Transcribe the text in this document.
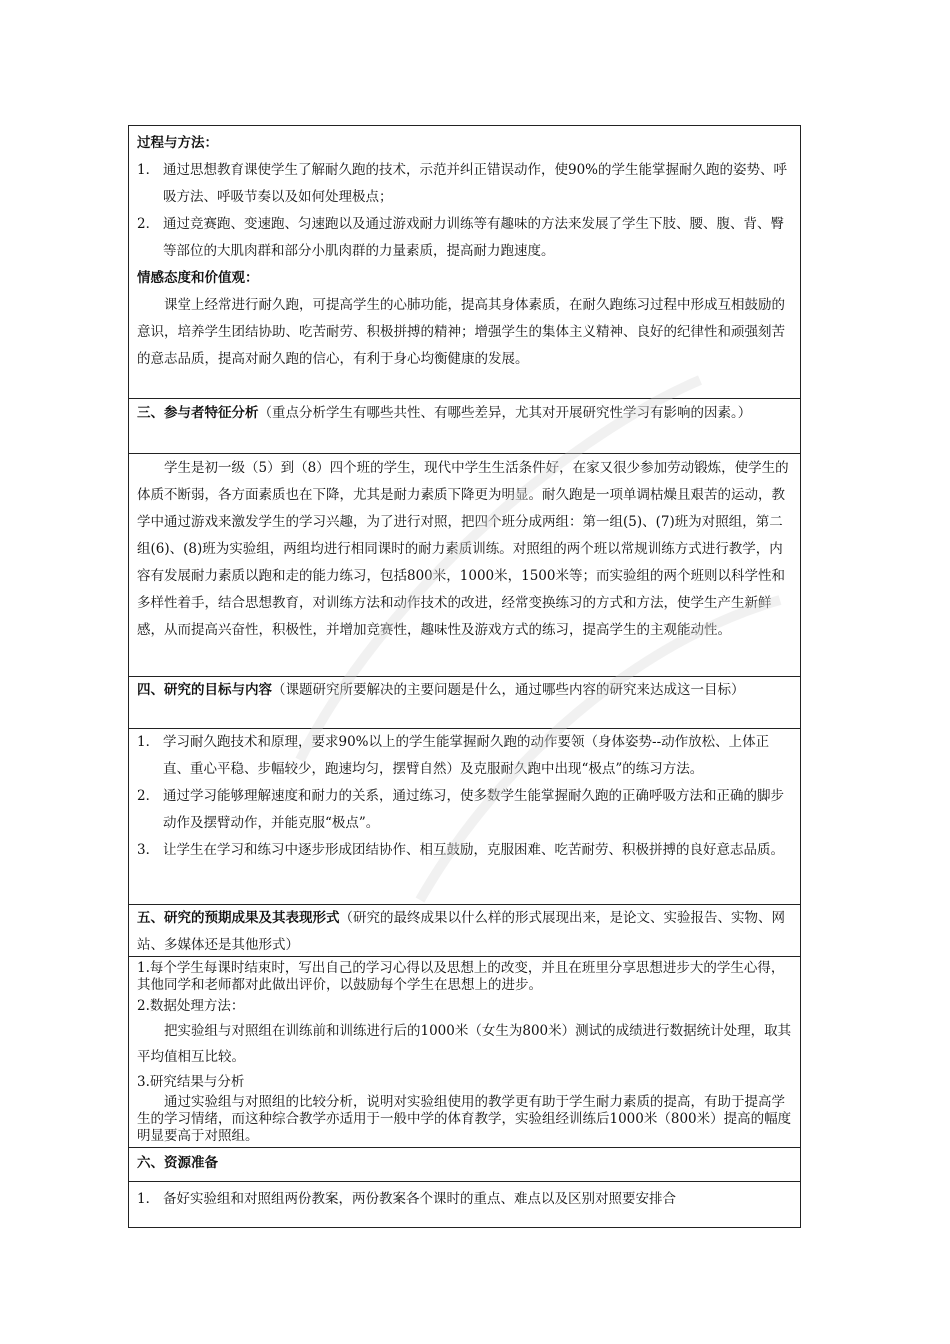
过程与方法：

1． 通过思想教育课使学生了解耐久跑的技术，示范并纠正错误动作，使90%的学生能掌握耐久跑的姿势、呼吸方法、呼吸节奏以及如何处理极点；
2． 通过竞赛跑、变速跑、匀速跑以及通过游戏耐力训练等有趣味的方法来发展了学生下肢、腰、腹、背、臀等部位的大肌肉群和部分小肌肉群的力量素质，提高耐力跑速度。

情感态度和价值观：

课堂上经常进行耐久跑，可提高学生的心肺功能，提高其身体素质，在耐久跑练习过程中形成互相鼓励的意识，培养学生团结协助、吃苦耐劳、积极拼搏的精神；增强学生的集体主义精神、良好的纪律性和顽强刻苦的意志品质，提高对耐久跑的信心，有利于身心均衡健康的发展。

三、参与者特征分析（重点分析学生有哪些共性、有哪些差异，尤其对开展研究性学习有影响的因素。）

学生是初一级（5）到（8）四个班的学生，现代中学生生活条件好，在家又很少参加劳动锻炼，使学生的体质不断弱，各方面素质也在下降，尤其是耐力素质下降更为明显。耐久跑是一项单调枯燥且艰苦的运动，教学中通过游戏来激发学生的学习兴趣，为了进行对照，把四个班分成两组：第一组(5)、(7)班为对照组，第二组(6)、(8)班为实验组，两组均进行相同课时的耐力素质训练。对照组的两个班以常规训练方式进行教学，内容有发展耐力素质以跑和走的能力练习，包括800米，1000米，1500米等；而实验组的两个班则以科学性和多样性着手，结合思想教育，对训练方法和动作技术的改进，经常变换练习的方式和方法，使学生产生新鲜感，从而提高兴奋性，积极性，并增加竞赛性，趣味性及游戏方式的练习，提高学生的主观能动性。

四、研究的目标与内容（课题研究所要解决的主要问题是什么，通过哪些内容的研究来达成这一目标）

1． 学习耐久跑技术和原理，要求90%以上的学生能掌握耐久跑的动作要领（身体姿势--动作放松、上体正直、重心平稳、步幅较少，跑速均匀，摆臂自然）及克服耐久跑中出现“极点”的练习方法。
2． 通过学习能够理解速度和耐力的关系，通过练习，使多数学生能掌握耐久跑的正确呼吸方法和正确的脚步动作及摆臂动作，并能克服“极点”。
3． 让学生在学习和练习中逐步形成团结协作、相互鼓励，克服困难、吃苦耐劳、积极拼搏的良好意志品质。

五、研究的预期成果及其表现形式（研究的最终成果以什么样的形式展现出来，是论文、实验报告、实物、网站、多媒体还是其他形式）

1.每个学生每课时结束时，写出自己的学习心得以及思想上的改变，并且在班里分享思想进步大的学生心得，其他同学和老师都对此做出评价，以鼓励每个学生在思想上的进步。

2.数据处理方法：

把实验组与对照组在训练前和训练进行后的1000米（女生为800米）测试的成绩进行数据统计处理，取其平均值相互比较。

3.研究结果与分析

通过实验组与对照组的比较分析，说明对实验组使用的教学更有助于学生耐力素质的提高，有助于提高学生的学习情绪，而这种综合教学亦适用于一般中学的体育教学，实验组经训练后1000米（800米）提高的幅度明显要高于对照组。

六、资源准备

1． 备好实验组和对照组两份教案，两份教案各个课时的重点、难点以及区别对照要安排合
